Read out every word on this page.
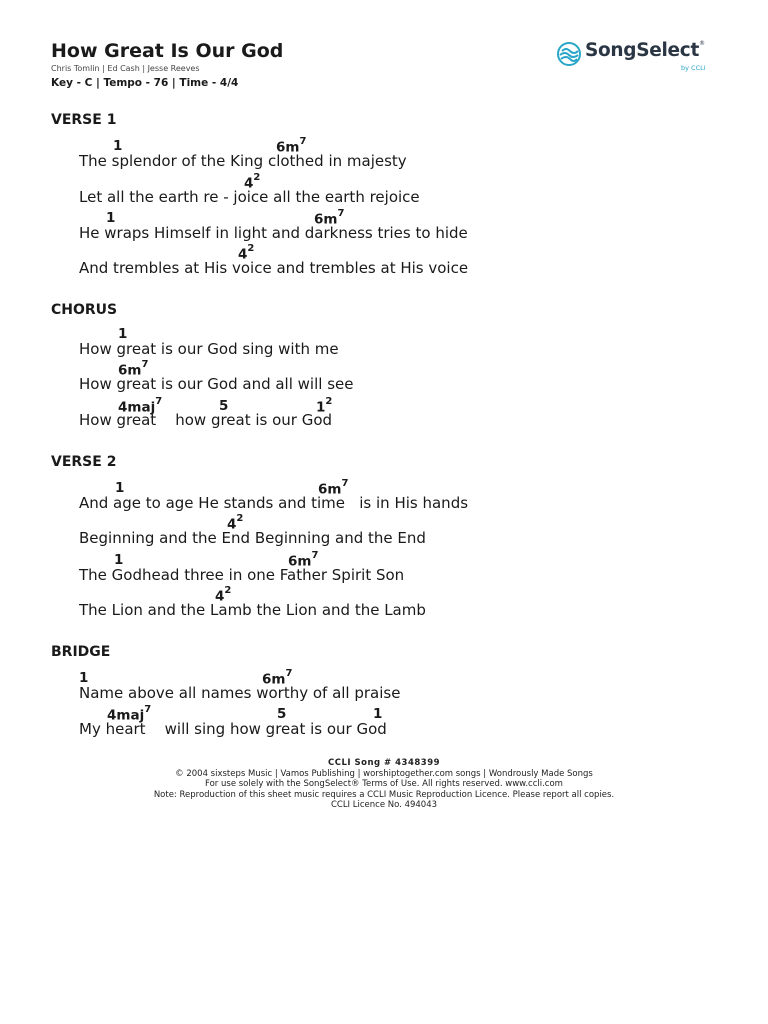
How Great Is Our God
Chris Tomlin | Ed Cash | Jesse Reeves
Key - C | Tempo - 76 | Time - 4/4
SongSelect®
by CCLI
VERSE 1
1	$6m^7$
The splendor of the King clothed in majesty
$4^2$
Let all the earth re - joice all the earth rejoice
1	$6m^7$
He wraps Himself in light and darkness tries to hide
$4^2$
And trembles at His voice and trembles at His voice
CHORUS
1
How great is our God sing with me
$6m^7$
How great is our God and all will see
4maj$^7$	5	$1^2$
How great    how great is our God
VERSE 2
1	$6m^7$
And age to age He stands and time   is in His hands
$4^2$
Beginning and the End Beginning and the End
1	$6m^7$
The Godhead three in one Father Spirit Son
$4^2$
The Lion and the Lamb the Lion and the Lamb
BRIDGE
1	$6m^7$
Name above all names worthy of all praise
4maj$^7$	5	1
My heart    will sing how great is our God
CCLI Song # 4348399
© 2004 sixsteps Music | Vamos Publishing | worshiptogether.com songs | Wondrously Made Songs
For use solely with the SongSelect® Terms of Use. All rights reserved. www.ccli.com
Note: Reproduction of this sheet music requires a CCLI Music Reproduction Licence. Please report all copies.
CCLI Licence No. 494043
